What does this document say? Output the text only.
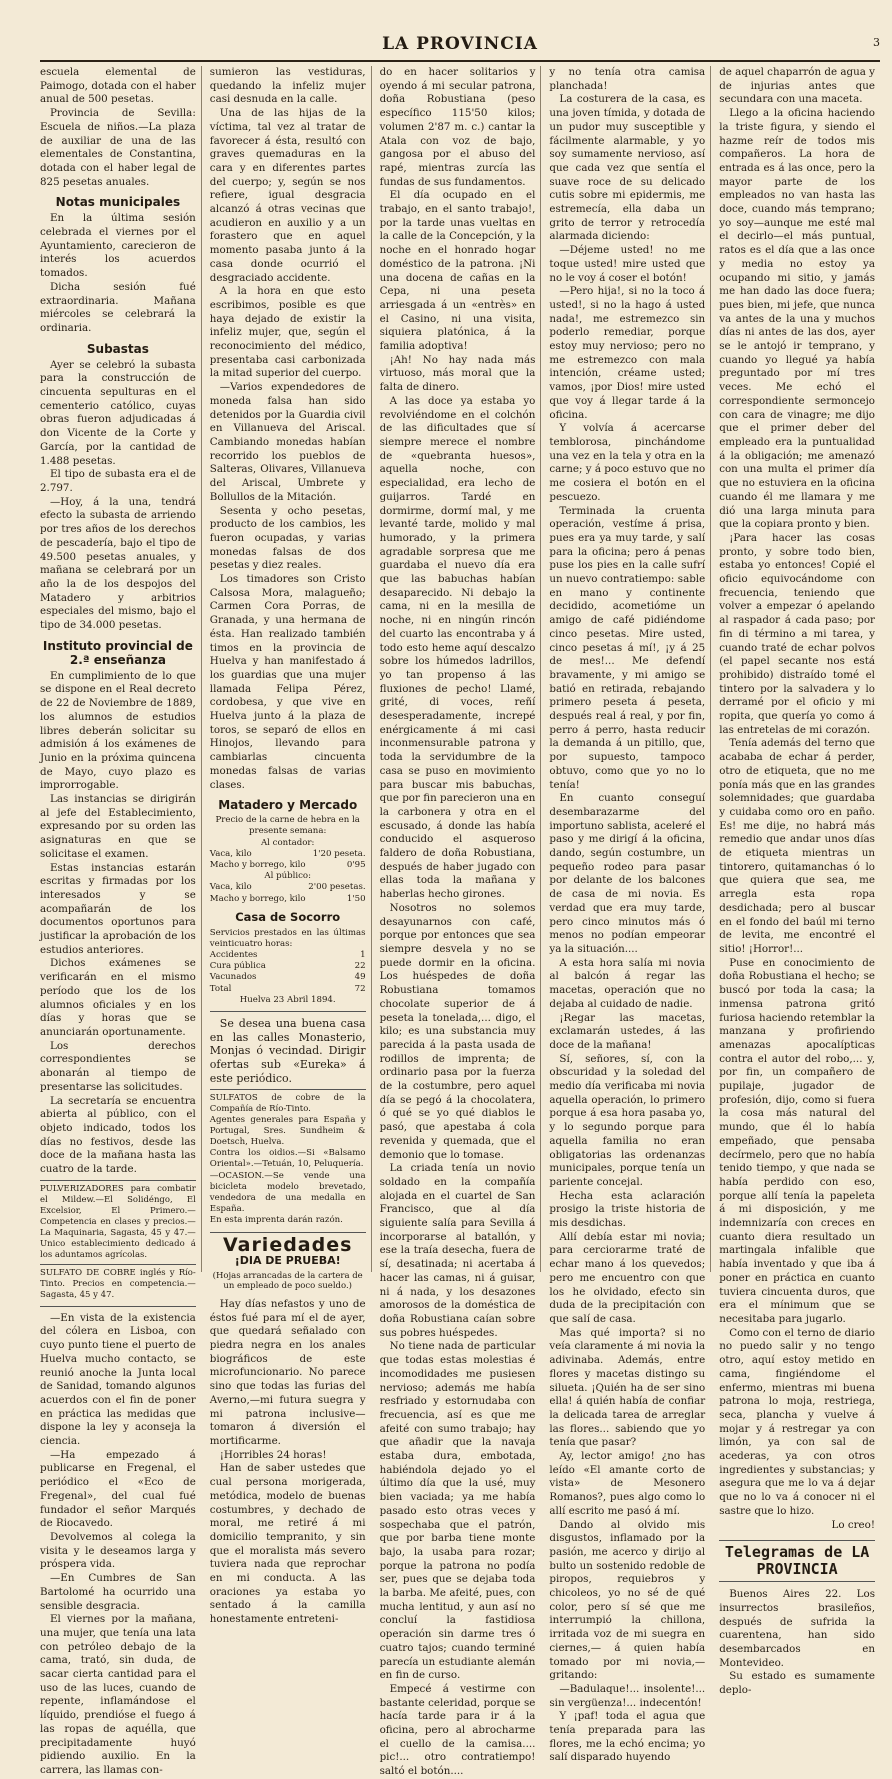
LA PROVINCIA	3

escuela elemental de Paimogo, dotada con el haber anual de 500 pesetas.

Provincia de Sevilla: Escuela de niños.—La plaza de auxiliar de una de las elementales de Constantina, dotada con el haber legal de 825 pesetas anuales.

Notas municipales

En la última sesión celebrada el viernes por el Ayuntamiento, carecieron de interés los acuerdos tomados.

Dicha sesión fué extraordinaria. Mañana miércoles se celebrará la ordinaria.

Subastas

Ayer se celebró la subasta para la construcción de cincuenta sepulturas en el cementerio católico, cuyas obras fueron adjudicadas á don Vicente de la Corte y García, por la cantidad de 1.488 pesetas.

El tipo de subasta era el de 2.797.

—Hoy, á la una, tendrá efecto la subasta de arriendo por tres años de los derechos de pescadería, bajo el tipo de 49.500 pesetas anuales, y mañana se celebrará por un año la de los despojos del Matadero y arbitrios especiales del mismo, bajo el tipo de 34.000 pesetas.

Instituto provincial de 2.ª enseñanza

En cumplimiento de lo que se dispone en el Real decreto de 22 de Noviembre de 1889, los alumnos de estudios libres deberán solicitar su admisión á los exámenes de Junio en la próxima quincena de Mayo, cuyo plazo es improrrogable.

Las instancias se dirigirán al jefe del Establecimiento, expresando por su orden las asignaturas en que se solicitase el examen.

Estas instancias estarán escritas y firmadas por los interesados y se acompañarán de los documentos oportunos para justificar la aprobación de los estudios anteriores.

Dichos exámenes se verificarán en el mismo período que los de los alumnos oficiales y en los días y horas que se anunciarán oportunamente.

Los derechos correspondientes se abonarán al tiempo de presentarse las solicitudes.

La secretaría se encuentra abierta al público, con el objeto indicado, todos los días no festivos, desde las doce de la mañana hasta las cuatro de la tarde.

PULVERIZADORES para combatir el Mildew.—El Solidéngo, El Excelsior, El Primero.—Competencia en clases y precios.—La Maquinaria, Sagasta, 45 y 47.—Unico establecimiento dedicado á los aduntamos agrícolas.
SULFATO DE COBRE inglés y Río-Tinto. Precios en competencia.—Sagasta, 45 y 47.

—En vista de la existencia del cólera en Lisboa, con cuyo punto tiene el puerto de Huelva mucho contacto, se reunió anoche la Junta local de Sanidad, tomando algunos acuerdos con el fin de poner en práctica las medidas que dispone la ley y aconseja la ciencia.

—Ha empezado á publicarse en Fregenal, el periódico el «Eco de Fregenal», del cual fué fundador el señor Marqués de Riocavedo.

Devolvemos al colega la visita y le deseamos larga y próspera vida.

—En Cumbres de San Bartolomé ha ocurrido una sensible desgracia.

El viernes por la mañana, una mujer, que tenía una lata con petróleo debajo de la cama, trató, sin duda, de sacar cierta cantidad para el uso de las luces, cuando de repente, inflamándose el líquido, prendióse el fuego á las ropas de aquélla, que precipitadamente huyó pidiendo auxilio. En la carrera, las llamas con-

sumieron las vestiduras, quedando la infeliz mujer casi desnuda en la calle.

Una de las hijas de la víctima, tal vez al tratar de favorecer á ésta, resultó con graves quemaduras en la cara y en diferentes partes del cuerpo; y, según se nos refiere, igual desgracia alcanzó á otras vecinas que acudieron en auxilio y a un forastero que en aquel momento pasaba junto á la casa donde ocurrió el desgraciado accidente.

A la hora en que esto escribimos, posible es que haya dejado de existir la infeliz mujer, que, según el reconocimiento del médico, presentaba casi carbonizada la mitad superior del cuerpo.

—Varios expendedores de moneda falsa han sido detenidos por la Guardia civil en Villanueva del Ariscal. Cambiando monedas habían recorrido los pueblos de Salteras, Olivares, Villanueva del Ariscal, Umbrete y Bollullos de la Mitación.

Sesenta y ocho pesetas, producto de los cambios, les fueron ocupadas, y varias monedas falsas de dos pesetas y diez reales.

Los timadores son Cristo Calsosa Mora, malagueño; Carmen Cora Porras, de Granada, y una hermana de ésta. Han realizado también timos en la provincia de Huelva y han manifestado á los guardias que una mujer llamada Felipa Pérez, cordobesa, y que vive en Huelva junto á la plaza de toros, se separó de ellos en Hinojos, llevando para cambiarlas cincuenta monedas falsas de varias clases.

Matadero y Mercado
Precio de la carne de hebra en la presente semana:
Al contador:
Vaca, kilo	1'20 peseta.
Macho y borrego, kilo	0'95
Al público:
Vaca, kilo	2'00 pesetas.
Macho y borrego, kilo	1'50
Casa de Socorro
Servicios prestados en las últimas veinticuatro horas:
Accidentes	1
Cura pública	22
Vacunados	49
Total	72
Huelva 23 Abril 1894.

Se desea una buena casa en las calles Monasterio, Monjas ó vecindad. Dirigir ofertas sub «Eureka» á este periódico.

SULFATOS de cobre de la Compañía de Río-Tinto.
Agentes generales para España y Portugal, Sres. Sundheim & Doetsch, Huelva.
Contra los oidios.—Si «Balsamo Oriental».—Tetuán, 10, Peluquería.
—OCASION.—Se vende una bicicleta modelo brevetado, vendedora de una medalla en España.
En esta imprenta darán razón.
Variedades
¡DIA DE PRUEBA!
(Hojas arrancadas de la cartera de un empleado de poco sueldo.)

Hay días nefastos y uno de éstos fué para mí el de ayer, que quedará señalado con piedra negra en los anales biográficos de este microfuncionario. No parece sino que todas las furias del Averno,—mi futura suegra y mi patrona inclusive—tomaron á diversión el mortificarme.

¡Horribles 24 horas!

Han de saber ustedes que cual persona morigerada, metódica, modelo de buenas costumbres, y dechado de moral, me retiré á mi domicilio tempranito, y sin que el moralista más severo tuviera nada que reprochar en mi conducta. A las oraciones ya estaba yo sentado á la camilla honestamente entreteni-

do en hacer solitarios y oyendo á mi secular patrona, doña Robustiana (peso específico 115'50 kilos; volumen 2'87 m. c.) cantar la Atala con voz de bajo, gangosa por el abuso del rapé, mientras zurcía las fundas de sus fundamentos.

El día ocupado en el trabajo, en el santo trabajo!, por la tarde unas vueltas en la calle de la Concepción, y la noche en el honrado hogar doméstico de la patrona. ¡Ni una docena de cañas en la Cepa, ni una peseta arriesgada á un «entrès» en el Casino, ni una visita, siquiera platónica, á la familia adoptiva!

¡Ah! No hay nada más virtuoso, más moral que la falta de dinero.

A las doce ya estaba yo revolviéndome en el colchón de las dificultades que sí siempre merece el nombre de «quebranta huesos», aquella noche, con especialidad, era lecho de guijarros. Tardé en dormirme, dormí mal, y me levanté tarde, molido y mal humorado, y la primera agradable sorpresa que me guardaba el nuevo día era que las babuchas habían desaparecido. Ni debajo la cama, ni en la mesilla de noche, ni en ningún rincón del cuarto las encontraba y á todo esto heme aquí descalzo sobre los húmedos ladrillos, yo tan propenso á las fluxiones de pecho! Llamé, grité, di voces, reñí desesperadamente, increpé enérgicamente á mi casi inconmensurable patrona y toda la servidumbre de la casa se puso en movimiento para buscar mis babuchas, que por fin parecieron una en la carbonera y otra en el escusado, á donde las había conducido el asqueroso faldero de doña Robustiana, después de haber jugado con ellas toda la mañana y haberlas hecho girones.

Nosotros no solemos desayunarnos con café, porque por entonces que sea siempre desvela y no se puede dormir en la oficina. Los huéspedes de doña Robustiana tomamos chocolate superior de á peseta la tonelada,... digo, el kilo; es una substancia muy parecida á la pasta usada de rodillos de imprenta; de ordinario pasa por la fuerza de la costumbre, pero aquel día se pegó á la chocolatera, ó qué se yo qué diablos le pasó, que apestaba á cola revenida y quemada, que el demonio que lo tomase.

La criada tenía un novio soldado en la compañía alojada en el cuartel de San Francisco, que al día siguiente salía para Sevilla á incorporarse al batallón, y ese la traía desecha, fuera de sí, desatinada; ni acertaba á hacer las camas, ni á guisar, ni á nada, y los desazones amorosos de la doméstica de doña Robustiana caían sobre sus pobres huéspedes.

No tiene nada de particular que todas estas molestias é incomodidades me pusiesen nervioso; además me había resfriado y estornudaba con frecuencia, así es que me afeité con sumo trabajo; hay que añadir que la navaja estaba dura, embotada, habiéndola dejado yo el último día que la usé, muy bien vaciada; ya me había pasado esto otras veces y sospechaba que el patrón, que por barba tiene monte bajo, la usaba para rozar; porque la patrona no podía ser, pues que se dejaba toda la barba. Me afeité, pues, con mucha lentitud, y aun así no concluí la fastidiosa operación sin darme tres ó cuatro tajos; cuando terminé parecía un estudiante alemán en fin de curso.

Empecé á vestirme con bastante celeridad, porque se hacía tarde para ir á la oficina, pero al abrocharme el cuello de la camisa.... pic!... otro contratiempo! saltó el botón....

y no tenía otra camisa planchada!

La costurera de la casa, es una joven tímida, y dotada de un pudor muy susceptible y fácilmente alarmable, y yo soy sumamente nervioso, así que cada vez que sentía el suave roce de su delicado cutis sobre mi epidermis, me estremecía, ella daba un grito de terror y retrocedía alarmada diciendo:

—Déjeme usted! no me toque usted! mire usted que no le voy á coser el botón!

—Pero hija!, si no la toco á usted!, si no la hago á usted nada!, me estremezco sin poderlo remediar, porque estoy muy nervioso; pero no me estremezco con mala intención, créame usted; vamos, ¡por Dios! mire usted que voy á llegar tarde á la oficina.

Y volvía á acercarse temblorosa, pinchándome una vez en la tela y otra en la carne; y á poco estuvo que no me cosiera el botón en el pescuezo.

Terminada la cruenta operación, vestíme á prisa, pues era ya muy tarde, y salí para la oficina; pero á penas puse los pies en la calle sufrí un nuevo contratiempo: sable en mano y continente decidido, acometióme un amigo de café pidiéndome cinco pesetas. Mire usted, cinco pesetas á mí!, ¡y á 25 de mes!... Me defendí bravamente, y mi amigo se batió en retirada, rebajando primero peseta á peseta, después real á real, y por fin, perro á perro, hasta reducir la demanda á un pitillo, que, por supuesto, tampoco obtuvo, como que yo no lo tenía!

En cuanto conseguí desembarazarme del importuno sablista, aceleré el paso y me dirigí á la oficina, dando, según costumbre, un pequeño rodeo para pasar por delante de los balcones de casa de mi novia. Es verdad que era muy tarde, pero cinco minutos más ó menos no podían empeorar ya la situación....

A esta hora salía mi novia al balcón á regar las macetas, operación que no dejaba al cuidado de nadie.

¡Regar las macetas, exclamarán ustedes, á las doce de la mañana!

Sí, señores, sí, con la obscuridad y la soledad del medio día verificaba mi novia aquella operación, lo primero porque á esa hora pasaba yo, y lo segundo porque para aquella familia no eran obligatorias las ordenanzas municipales, porque tenía un pariente concejal.

Hecha esta aclaración prosigo la triste historia de mis desdichas.

Allí debía estar mi novia; para cerciorarme traté de echar mano á los quevedos; pero me encuentro con que los he olvidado, efecto sin duda de la precipitación con que salí de casa.

Mas qué importa? si no veía claramente á mi novia la adivinaba. Además, entre flores y macetas distingo su silueta. ¡Quién ha de ser sino ella! á quién había de confiar la delicada tarea de arreglar las flores... sabiendo que yo tenía que pasar?

Ay, lector amigo! ¿no has leído «El amante corto de vista» de Mesonero Romanos?, pues algo como lo allí escrito me pasó á mí.

Dando al olvido mis disgustos, inflamado por la pasión, me acerco y dirijo al bulto un sostenido redoble de piropos, requiebros y chicoleos, yo no sé de qué color, pero sí sé que me interrumpió la chillona, irritada voz de mi suegra en ciernes,— á quien había tomado por mi novia,—gritando:

—Badulaque!... insolente!... sin vergüenza!... indecentón!

Y ¡paf! toda el agua que tenía preparada para las flores, me la echó encima; yo salí disparado huyendo

de aquel chaparrón de agua y de injurias antes que secundara con una maceta.

Llego a la oficina haciendo la triste figura, y siendo el hazme reír de todos mis compañeros. La hora de entrada es á las once, pero la mayor parte de los empleados no van hasta las doce, cuando más temprano; yo soy—aunque me esté mal el decirlo—el más puntual, ratos es el día que a las once y media no estoy ya ocupando mi sitio, y jamás me han dado las doce fuera; pues bien, mi jefe, que nunca va antes de la una y muchos días ni antes de las dos, ayer se le antojó ir temprano, y cuando yo llegué ya había preguntado por mí tres veces. Me echó el correspondiente sermoncejo con cara de vinagre; me dijo que el primer deber del empleado era la puntualidad á la obligación; me amenazó con una multa el primer día que no estuviera en la oficina cuando él me llamara y me dió una larga minuta para que la copiara pronto y bien.

¡Para hacer las cosas pronto, y sobre todo bien, estaba yo entonces! Copié el oficio equivocándome con frecuencia, teniendo que volver a empezar ó apelando al raspador á cada paso; por fin di término a mi tarea, y cuando traté de echar polvos (el papel secante nos está prohibido) distraído tomé el tintero por la salvadera y lo derramé por el oficio y mi ropita, que quería yo como á las entretelas de mi corazón.

Tenía además del terno que acababa de echar á perder, otro de etiqueta, que no me ponía más que en las grandes solemnidades; que guardaba y cuidaba como oro en paño. Es! me dije, no habrá más remedio que andar unos días de etiqueta mientras un tintorero, quitamanchas ó lo que quiera que sea, me arregla esta ropa desdichada; pero al buscar en el fondo del baúl mi terno de levita, me encontré el sitio! ¡Horror!...

Puse en conocimiento de doña Robustiana el hecho; se buscó por toda la casa; la inmensa patrona gritó furiosa haciendo retemblar la manzana y profiriendo amenazas apocalípticas contra el autor del robo,... y, por fin, un compañero de pupilaje, jugador de profesión, dijo, como si fuera la cosa más natural del mundo, que él lo había empeñado, que pensaba decírmelo, pero que no había tenido tiempo, y que nada se había perdido con eso, porque allí tenía la papeleta á mi disposición, y me indemnizaría con creces en cuanto diera resultado un martingala infalible que había inventado y que iba á poner en práctica en cuanto tuviera cincuenta duros, que era el mínimum que se necesitaba para jugarlo.

Como con el terno de diario no puedo salir y no tengo otro, aquí estoy metido en cama, fingiéndome el enfermo, mientras mi buena patrona lo moja, restriega, seca, plancha y vuelve á mojar y á restregar ya con limón, ya con sal de acederas, ya con otros ingredientes y substancias; y asegura que me lo va á dejar que no lo va á conocer ni el sastre que lo hizo.

Lo creo!

Telegramas de LA PROVINCIA

Buenos Aires 22. Los insurrectos brasileños, después de sufrida la cuarentena, han sido desembarcados en Montevideo.

Su estado es sumamente deplo-
